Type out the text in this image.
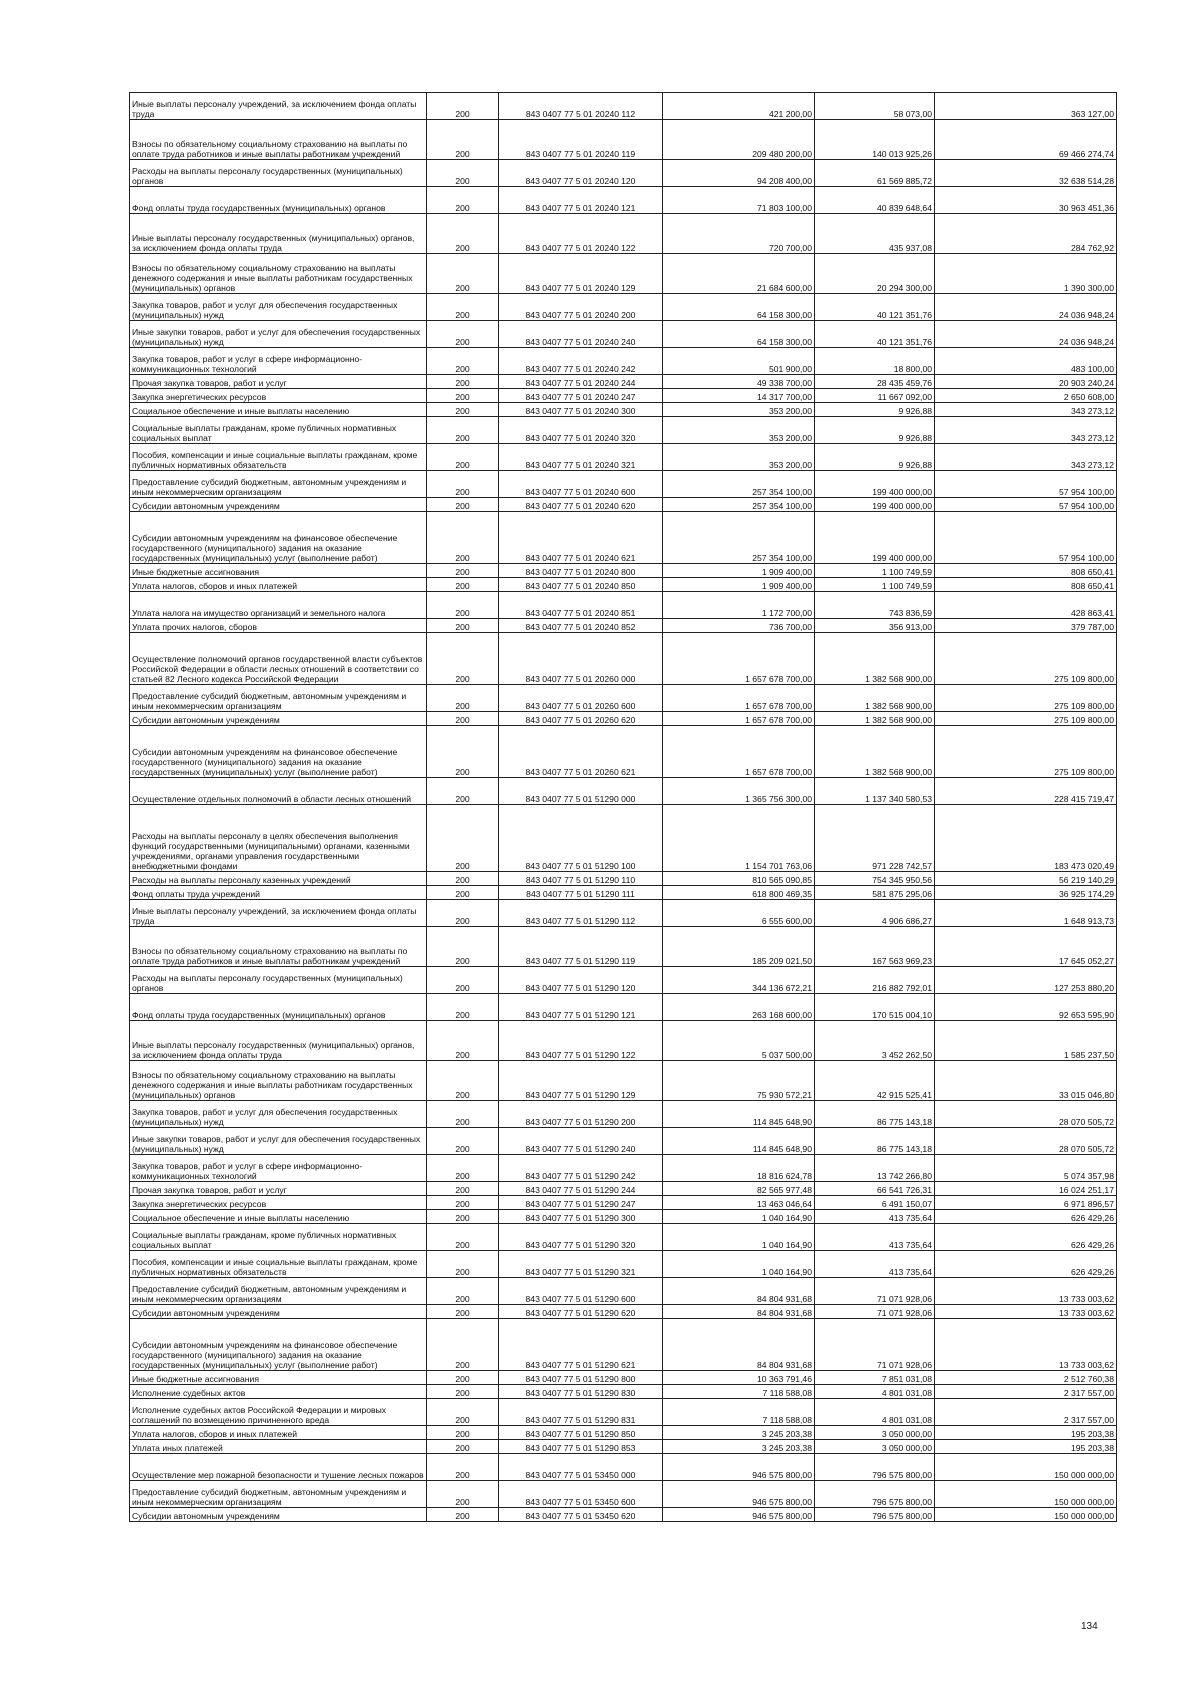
Иные выплаты персоналу учреждений, за исключением фонда оплаты труда	200	843 0407 77 5 01 20240 112	421 200,00	58 073,00	363 127,00
Взносы по обязательному социальному страхованию на выплаты по оплате труда работников и иные выплаты работникам учреждений	200	843 0407 77 5 01 20240 119	209 480 200,00	140 013 925,26	69 466 274,74
Расходы на выплаты персоналу государственных (муниципальных) органов	200	843 0407 77 5 01 20240 120	94 208 400,00	61 569 885,72	32 638 514,28
Фонд оплаты труда государственных (муниципальных) органов	200	843 0407 77 5 01 20240 121	71 803 100,00	40 839 648,64	30 963 451,36
Иные выплаты персоналу государственных (муниципальных) органов, за исключением фонда оплаты труда	200	843 0407 77 5 01 20240 122	720 700,00	435 937,08	284 762,92
Взносы по обязательному социальному страхованию на выплаты денежного содержания и иные выплаты работникам государственных (муниципальных) органов	200	843 0407 77 5 01 20240 129	21 684 600,00	20 294 300,00	1 390 300,00
Закупка товаров, работ и услуг для обеспечения государственных (муниципальных) нужд	200	843 0407 77 5 01 20240 200	64 158 300,00	40 121 351,76	24 036 948,24
Иные закупки товаров, работ и услуг для обеспечения государственных (муниципальных) нужд	200	843 0407 77 5 01 20240 240	64 158 300,00	40 121 351,76	24 036 948,24
Закупка товаров, работ и услуг в сфере информационно-коммуникационных технологий	200	843 0407 77 5 01 20240 242	501 900,00	18 800,00	483 100,00
Прочая закупка товаров, работ и услуг	200	843 0407 77 5 01 20240 244	49 338 700,00	28 435 459,76	20 903 240,24
Закупка энергетических ресурсов	200	843 0407 77 5 01 20240 247	14 317 700,00	11 667 092,00	2 650 608,00
Социальное обеспечение и иные выплаты населению	200	843 0407 77 5 01 20240 300	353 200,00	9 926,88	343 273,12
Социальные выплаты гражданам, кроме публичных нормативных социальных выплат	200	843 0407 77 5 01 20240 320	353 200,00	9 926,88	343 273,12
Пособия, компенсации и иные социальные выплаты гражданам, кроме публичных нормативных обязательств	200	843 0407 77 5 01 20240 321	353 200,00	9 926,88	343 273,12
Предоставление субсидий бюджетным, автономным учреждениям и иным некоммерческим организациям	200	843 0407 77 5 01 20240 600	257 354 100,00	199 400 000,00	57 954 100,00
Субсидии автономным учреждениям	200	843 0407 77 5 01 20240 620	257 354 100,00	199 400 000,00	57 954 100,00
Субсидии автономным учреждениям на финансовое обеспечение государственного (муниципального) задания на оказание государственных (муниципальных) услуг (выполнение работ)	200	843 0407 77 5 01 20240 621	257 354 100,00	199 400 000,00	57 954 100,00
Иные бюджетные ассигнования	200	843 0407 77 5 01 20240 800	1 909 400,00	1 100 749,59	808 650,41
Уплата налогов, сборов и иных платежей	200	843 0407 77 5 01 20240 850	1 909 400,00	1 100 749,59	808 650,41
Уплата налога на имущество организаций и земельного налога	200	843 0407 77 5 01 20240 851	1 172 700,00	743 836,59	428 863,41
Уплата прочих налогов, сборов	200	843 0407 77 5 01 20240 852	736 700,00	356 913,00	379 787,00
Осуществление полномочий органов государственной власти субъектов Российской Федерации в области лесных отношений в соответствии со статьей 82 Лесного кодекса Российской Федерации	200	843 0407 77 5 01 20260 000	1 657 678 700,00	1 382 568 900,00	275 109 800,00
Предоставление субсидий бюджетным, автономным учреждениям и иным некоммерческим организациям	200	843 0407 77 5 01 20260 600	1 657 678 700,00	1 382 568 900,00	275 109 800,00
Субсидии автономным учреждениям	200	843 0407 77 5 01 20260 620	1 657 678 700,00	1 382 568 900,00	275 109 800,00
Субсидии автономным учреждениям на финансовое обеспечение государственного (муниципального) задания на оказание государственных (муниципальных) услуг (выполнение работ)	200	843 0407 77 5 01 20260 621	1 657 678 700,00	1 382 568 900,00	275 109 800,00
Осуществление отдельных полномочий в области лесных отношений	200	843 0407 77 5 01 51290 000	1 365 756 300,00	1 137 340 580,53	228 415 719,47
Расходы на выплаты персоналу в целях обеспечения выполнения функций государственными (муниципальными) органами, казенными учреждениями, органами управления государственными внебюджетными фондами	200	843 0407 77 5 01 51290 100	1 154 701 763,06	971 228 742,57	183 473 020,49
Расходы на выплаты персоналу казенных учреждений	200	843 0407 77 5 01 51290 110	810 565 090,85	754 345 950,56	56 219 140,29
Фонд оплаты труда учреждений	200	843 0407 77 5 01 51290 111	618 800 469,35	581 875 295,06	36 925 174,29
Иные выплаты персоналу учреждений, за исключением фонда оплаты труда	200	843 0407 77 5 01 51290 112	6 555 600,00	4 906 686,27	1 648 913,73
Взносы по обязательному социальному страхованию на выплаты по оплате труда работников и иные выплаты работникам учреждений	200	843 0407 77 5 01 51290 119	185 209 021,50	167 563 969,23	17 645 052,27
Расходы на выплаты персоналу государственных (муниципальных) органов	200	843 0407 77 5 01 51290 120	344 136 672,21	216 882 792,01	127 253 880,20
Фонд оплаты труда государственных (муниципальных) органов	200	843 0407 77 5 01 51290 121	263 168 600,00	170 515 004,10	92 653 595,90
Иные выплаты персоналу государственных (муниципальных) органов, за исключением фонда оплаты труда	200	843 0407 77 5 01 51290 122	5 037 500,00	3 452 262,50	1 585 237,50
Взносы по обязательному социальному страхованию на выплаты денежного содержания и иные выплаты работникам государственных (муниципальных) органов	200	843 0407 77 5 01 51290 129	75 930 572,21	42 915 525,41	33 015 046,80
Закупка товаров, работ и услуг для обеспечения государственных (муниципальных) нужд	200	843 0407 77 5 01 51290 200	114 845 648,90	86 775 143,18	28 070 505,72
Иные закупки товаров, работ и услуг для обеспечения государственных (муниципальных) нужд	200	843 0407 77 5 01 51290 240	114 845 648,90	86 775 143,18	28 070 505,72
Закупка товаров, работ и услуг в сфере информационно-коммуникационных технологий	200	843 0407 77 5 01 51290 242	18 816 624,78	13 742 266,80	5 074 357,98
Прочая закупка товаров, работ и услуг	200	843 0407 77 5 01 51290 244	82 565 977,48	66 541 726,31	16 024 251,17
Закупка энергетических ресурсов	200	843 0407 77 5 01 51290 247	13 463 046,64	6 491 150,07	6 971 896,57
Социальное обеспечение и иные выплаты населению	200	843 0407 77 5 01 51290 300	1 040 164,90	413 735,64	626 429,26
Социальные выплаты гражданам, кроме публичных нормативных социальных выплат	200	843 0407 77 5 01 51290 320	1 040 164,90	413 735,64	626 429,26
Пособия, компенсации и иные социальные выплаты гражданам, кроме публичных нормативных обязательств	200	843 0407 77 5 01 51290 321	1 040 164,90	413 735,64	626 429,26
Предоставление субсидий бюджетным, автономным учреждениям и иным некоммерческим организациям	200	843 0407 77 5 01 51290 600	84 804 931,68	71 071 928,06	13 733 003,62
Субсидии автономным учреждениям	200	843 0407 77 5 01 51290 620	84 804 931,68	71 071 928,06	13 733 003,62
Субсидии автономным учреждениям на финансовое обеспечение государственного (муниципального) задания на оказание государственных (муниципальных) услуг (выполнение работ)	200	843 0407 77 5 01 51290 621	84 804 931,68	71 071 928,06	13 733 003,62
Иные бюджетные ассигнования	200	843 0407 77 5 01 51290 800	10 363 791,46	7 851 031,08	2 512 760,38
Исполнение судебных актов	200	843 0407 77 5 01 51290 830	7 118 588,08	4 801 031,08	2 317 557,00
Исполнение судебных актов Российской Федерации и мировых соглашений по возмещению причиненного вреда	200	843 0407 77 5 01 51290 831	7 118 588,08	4 801 031,08	2 317 557,00
Уплата налогов, сборов и иных платежей	200	843 0407 77 5 01 51290 850	3 245 203,38	3 050 000,00	195 203,38
Уплата иных платежей	200	843 0407 77 5 01 51290 853	3 245 203,38	3 050 000,00	195 203,38
Осуществление мер пожарной безопасности и тушение лесных пожаров	200	843 0407 77 5 01 53450 000	946 575 800,00	796 575 800,00	150 000 000,00
Предоставление субсидий бюджетным, автономным учреждениям и иным некоммерческим организациям	200	843 0407 77 5 01 53450 600	946 575 800,00	796 575 800,00	150 000 000,00
Субсидии автономным учреждениям	200	843 0407 77 5 01 53450 620	946 575 800,00	796 575 800,00	150 000 000,00
134
